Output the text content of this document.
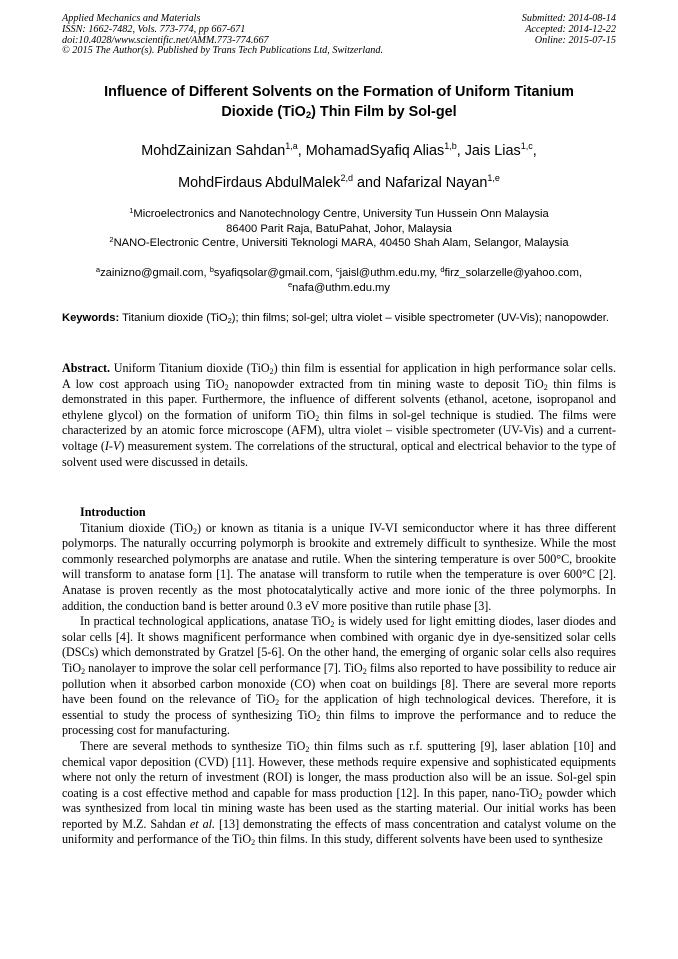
Applied Mechanics and Materials
ISSN: 1662-7482, Vols. 773-774, pp 667-671
doi:10.4028/www.scientific.net/AMM.773-774.667
© 2015 The Author(s). Published by Trans Tech Publications Ltd, Switzerland.
Submitted: 2014-08-14
Accepted: 2014-12-22
Online: 2015-07-15
Influence of Different Solvents on the Formation of Uniform Titanium
Dioxide (TiO$_2$) Thin Film by Sol-gel
MohdZainizan Sahdan$^{1,a}$, MohamadSyafiq Alias$^{1,b}$, Jais Lias$^{1,c}$,
MohdFirdaus AbdulMalek$^{2,d}$ and Nafarizal Nayan$^{1,e}$
$^1$Microelectronics and Nanotechnology Centre, University Tun Hussein Onn Malaysia
86400 Parit Raja, BatuPahat, Johor, Malaysia
$^2$NANO-Electronic Centre, Universiti Teknologi MARA, 40450 Shah Alam, Selangor, Malaysia
$^a$zainizno@gmail.com, $^b$syafiqsolar@gmail.com, $^c$jaisl@uthm.edu.my, $^d$firz_solarzelle@yahoo.com,
$^e$nafa@uthm.edu.my
Keywords: Titanium dioxide (TiO$_2$); thin films; sol-gel; ultra violet – visible spectrometer (UV-Vis); nanopowder.

Abstract. Uniform Titanium dioxide (TiO$_2$) thin film is essential for application in high performance solar cells. A low cost approach using TiO$_2$ nanopowder extracted from tin mining waste to deposit TiO$_2$ thin films is demonstrated in this paper. Furthermore, the influence of different solvents (ethanol, acetone, isopropanol and ethylene glycol) on the formation of uniform TiO$_2$ thin films in sol-gel technique is studied. The films were characterized by an atomic force microscope (AFM), ultra violet – visible spectrometer (UV-Vis) and a current-voltage (I-V) measurement system. The correlations of the structural, optical and electrical behavior to the type of solvent used were discussed in details.

Introduction

Titanium dioxide (TiO$_2$) or known as titania is a unique IV-VI semiconductor where it has three different polymorps. The naturally occurring polymorph is brookite and extremely difficult to synthesize. While the most commonly researched polymorphs are anatase and rutile. When the sintering temperature is over 500°C, brookite will transform to anatase form [1]. The anatase will transform to rutile when the temperature is over 600°C [2]. Anatase is proven recently as the most photocatalytically active and more ionic of the three polymorphs. In addition, the conduction band is better around 0.3 eV more positive than rutile phase [3].

In practical technological applications, anatase TiO$_2$ is widely used for light emitting diodes, laser diodes and solar cells [4]. It shows magnificent performance when combined with organic dye in dye-sensitized solar cells (DSCs) which demonstrated by Gratzel [5-6]. On the other hand, the emerging of organic solar cells also requires TiO$_2$ nanolayer to improve the solar cell performance [7]. TiO$_2$ films also reported to have possibility to reduce air pollution when it absorbed carbon monoxide (CO) when coat on buildings [8]. There are several more reports have been found on the relevance of TiO$_2$ for the application of high technological devices. Therefore, it is essential to study the process of synthesizing TiO$_2$ thin films to improve the performance and to reduce the processing cost for manufacturing.

There are several methods to synthesize TiO$_2$ thin films such as r.f. sputtering [9], laser ablation [10] and chemical vapor deposition (CVD) [11]. However, these methods require expensive and sophisticated equipments where not only the return of investment (ROI) is longer, the mass production also will be an issue. Sol-gel spin coating is a cost effective method and capable for mass production [12]. In this paper, nano-TiO$_2$ powder which was synthesized from local tin mining waste has been used as the starting material. Our initial works has been reported by M.Z. Sahdan et al. [13] demonstrating the effects of mass concentration and catalyst volume on the uniformity and performance of the TiO$_2$ thin films. In this study, different solvents have been used to synthesize
